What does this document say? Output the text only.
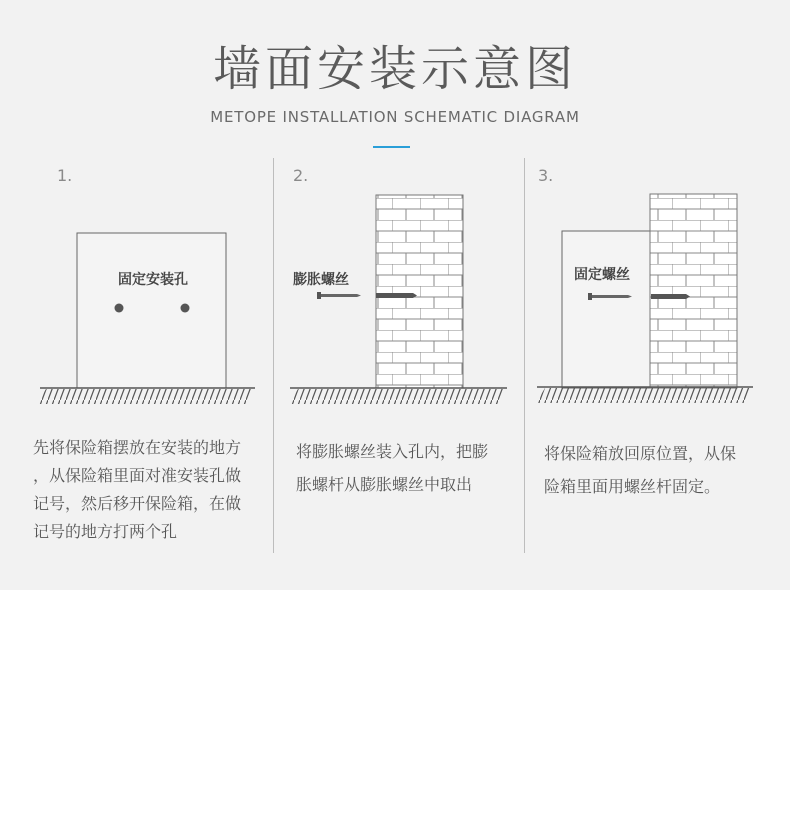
墙面安装示意图
METOPE INSTALLATION SCHEMATIC DIAGRAM
1.	2.	3.
固定安装孔	膨胀螺丝	固定螺丝

先将保险箱摆放在安装的地方

，从保险箱里面对准安装孔做

记号，然后移开保险箱，在做

记号的地方打两个孔

将膨胀螺丝装入孔内，把膨

胀螺杆从膨胀螺丝中取出

将保险箱放回原位置，从保

险箱里面用螺丝杆固定。
